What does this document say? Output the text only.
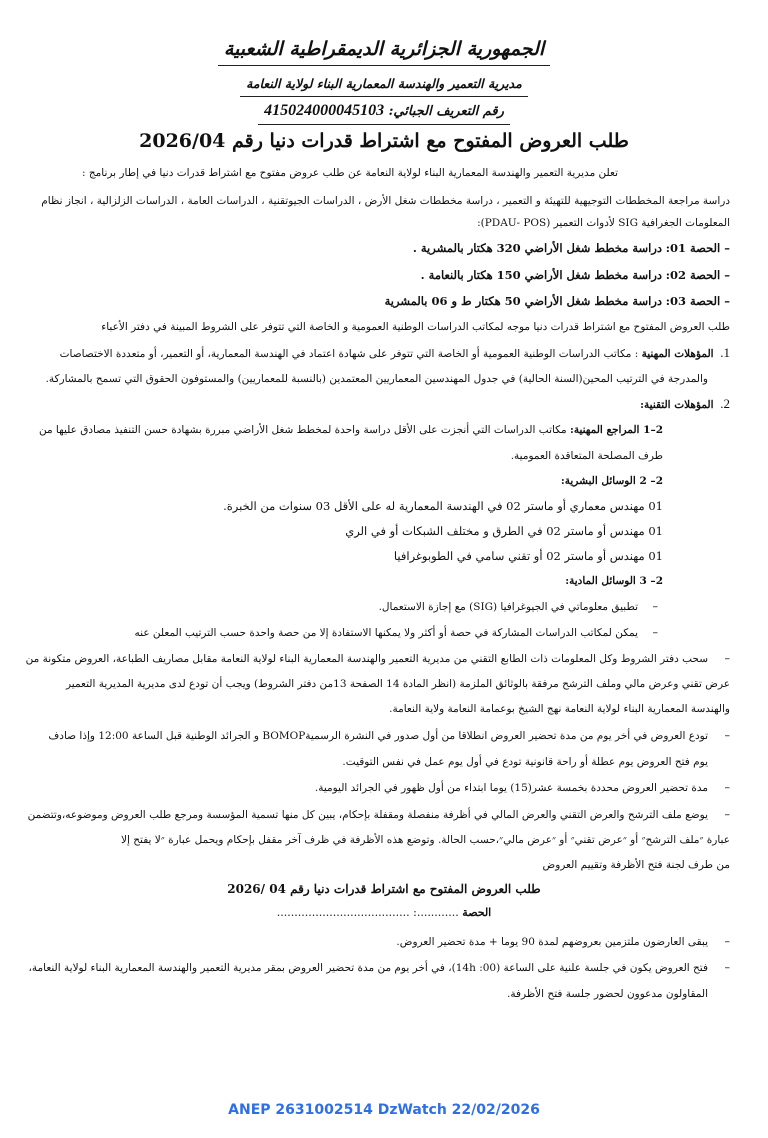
الجمهورية الجزائرية الديمقراطية الشعبية
مديرية التعمير والهندسة المعمارية البناء لولاية النعامة
رقم التعريف الجبائي: 415024000045103
طلب العروض المفتوح مع اشتراط قدرات دنيا رقم 2026/04
تعلن مديرية التعمير والهندسة المعمارية البناء لولاية النعامة عن طلب عروض مفتوح مع اشتراط قدرات دنيا في إطار برنامج :
دراسة مراجعة المخططات التوجيهية للتهيئة و التعمير ، دراسة مخططات شغل الأرض ، الدراسات الجيوتقنية ، الدراسات العامة ، الدراسات الزلزالية ، انجاز نظام
المعلومات الجغرافية SIG لأدوات التعمير (PDAU- POS):
– الحصة 01: دراسة مخطط شغل الأراضي 320 هكتار بالمشرية .
– الحصة 02: دراسة مخطط شغل الأراضي 150 هكتار بالنعامة .
– الحصة 03: دراسة مخطط شغل الأراضي 50 هكتار ط و 06 بالمشرية
طلب العروض المفتوح مع اشتراط قدرات دنيا موجه لمكاتب الدراسات الوطنية العمومية و الخاصة التي تتوفر على الشروط المبينة في دفتر الأعباء
1.  المؤهلات المهنية : مكاتب الدراسات الوطنية العمومية أو الخاصة التي تتوفر على شهادة اعتماد في الهندسة المعمارية، أو التعمير، أو متعددة الاختصاصات
والمدرجة في الترتيب المحين(السنة الحالية) في جدول المهندسين المعماريين المعتمدين (بالنسبة للمعماريين) والمستوفون الحقوق التي تسمح بالمشاركة.
2.  المؤهلات التقنية:
2–1 المراجع المهنية: مكاتب الدراسات التي أنجزت على الأقل دراسة واحدة لمخطط شغل الأراضي مبررة بشهادة حسن التنفيذ مصادق عليها من
طرف المصلحة المتعاقدة العمومية.
2– 2 الوسائل البشرية:
01 مهندس معماري أو ماستر 02 في الهندسة المعمارية له على الأقل 03 سنوات من الخبرة.
01 مهندس أو ماستر 02 في الطرق و مختلف الشبكات أو في الري
01 مهندس أو ماستر 02 أو تقني سامي في الطوبوغرافيا
2– 3 الوسائل المادية:
–
تطبيق معلوماتي في الجيوغرافيا (SIG) مع إجازة الاستعمال.
–
يمكن لمكاتب الدراسات المشاركة في حصة أو أكثر ولا يمكنها الاستفادة إلا من حصة واحدة حسب الترتيب المعلن عنه
–
سحب دفتر الشروط وكل المعلومات ذات الطابع التقني من مديرية التعمير والهندسة المعمارية البناء لولاية النعامة مقابل مصاريف الطباعة، العروض متكونة من
عرض تقني وعرض مالي وملف الترشح مرفقة بالوثائق الملزمة (انظر المادة 14 الصفحة 13من دفتر الشروط) ويجب أن تودع لدى مديرية المديرية التعمير
والهندسة المعمارية البناء لولاية النعامة نهج الشيخ بوعمامة النعامة ولاية النعامة.
–
تودع العروض في أخر يوم من مدة تحضير العروض انطلاقا من أول صدور في النشرة الرسميةBOMOP و الجرائد الوطنية قبل الساعة 12:00 وإذا صادف
يوم فتح العروض يوم عطلة أو راحة قانونية تودع في أول يوم عمل في نفس التوقيت.
–
مدة تحضير العروض محددة بخمسة عشر(15) يوما ابتداء من أول ظهور في الجرائد اليومية.
–
يوضع ملف الترشح والعرض التقني والعرض المالي في أظرفة منفصلة ومقفلة بإحكام، يبين كل منها تسمية المؤسسة ومرجع طلب العروض وموضوعه،وتتضمن
عبارة ״ملف الترشح״ أو ״عرض تقني״ أو ״عرض مالي״،حسب الحالة. وتوضع هذه الأظرفة في ظرف آخر مقفل بإحكام ويحمل عبارة ״لا يفتح إلا
من طرف لجنة فتح الأظرفة وتقييم العروض
طلب العروض المفتوح مع اشتراط قدرات دنيا رقم 04 /2026
الحصة ............: ......................................
–
يبقى العارضون ملتزمين بعروضهم لمدة 90 يوما + مدة تحضير العروض.
–
فتح العروض يكون في جلسة علنية على الساعة (00: 14h)، في أخر يوم من مدة تحضير العروض بمقر مديرية التعمير والهندسة المعمارية البناء لولاية النعامة،
المقاولون مدعوون لحضور جلسة فتح الأظرفة.
ANEP 2631002514 DzWatch 22/02/2026
